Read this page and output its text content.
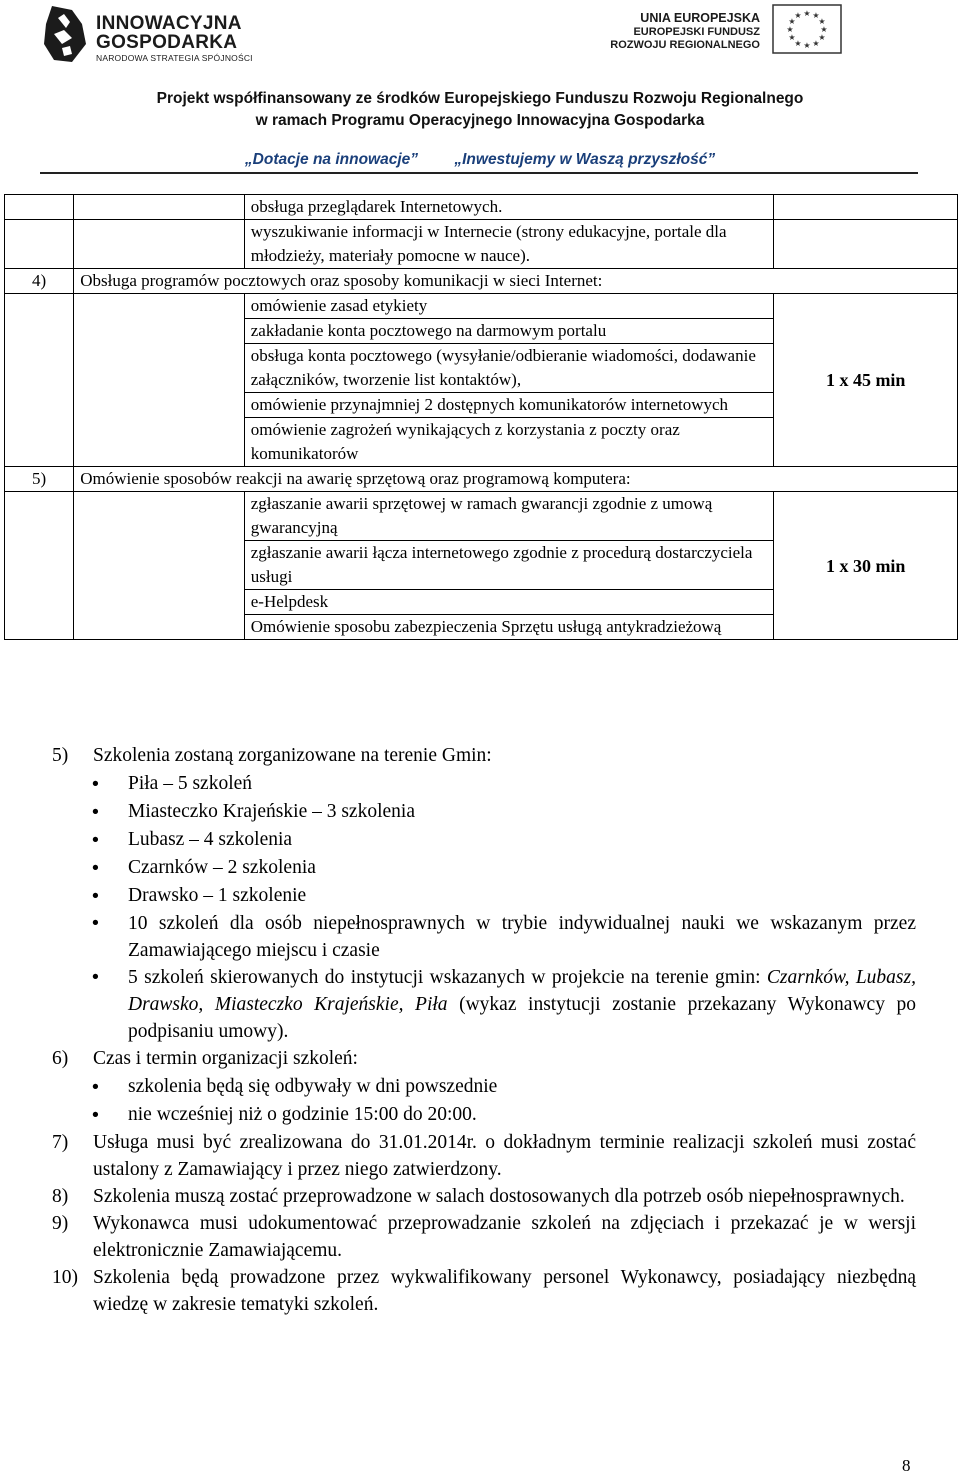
INNOWACYJNA
GOSPODARKA
NARODOWA STRATEGIA SPÓJNOŚCI
UNIA EUROPEJSKA
EUROPEJSKI FUNDUSZ
ROZWOJU REGIONALNEGO
★ ★
★
★
★
★
★
★
★
★
★
★
Projekt współfinansowany ze środków Europejskiego Funduszu Rozwoju Regionalnego
w ramach Programu Operacyjnego Innowacyjna Gospodarka
„Dotacje na innowacje” „Inwestujemy w Waszą przyszłość”
		obsługa przeglądarek Internetowych.	
		wyszukiwanie informacji w Internecie (strony edukacyjne, portale dla młodzieży, materiały pomocne w nauce).	
4)	Obsługa programów pocztowych oraz sposoby komunikacji w sieci Internet:		
		omówienie zasad etykiety	1 x 45 min
		zakładanie konta pocztowego na darmowym portalu	
		obsługa konta pocztowego (wysyłanie/odbieranie wiadomości, dodawanie załączników, tworzenie list kontaktów),	
		omówienie przynajmniej 2 dostępnych komunikatorów internetowych	
		omówienie zagrożeń wynikających z korzystania z poczty oraz komunikatorów	
5)	Omówienie sposobów reakcji na awarię sprzętową oraz programową komputera:		
		zgłaszanie awarii sprzętowej w ramach gwarancji zgodnie z umową gwarancyjną	1 x 30 min
		zgłaszanie awarii łącza internetowego zgodnie z procedurą dostarczyciela usługi	
		e-Helpdesk	
		Omówienie sposobu zabezpieczenia Sprzętu usługą antykradzieżową	
5) Szkolenia zostaną zorganizowane na terenie Gmin:
• Piła – 5 szkoleń
• Miasteczko Krajeńskie – 3 szkolenia
• Lubasz – 4 szkolenia
• Czarnków – 2 szkolenia
• Drawsko – 1 szkolenie
• 10 szkoleń dla osób niepełnosprawnych w trybie indywidualnej nauki we wskazanym przez Zamawiającego miejscu i czasie
• 5 szkoleń skierowanych do instytucji wskazanych w projekcie na terenie gmin: Czarnków, Lubasz, Drawsko, Miasteczko Krajeńskie, Piła (wykaz instytucji zostanie przekazany Wykonawcy po podpisaniu umowy).
6) Czas i termin organizacji szkoleń:
• szkolenia będą się odbywały w dni powszednie
• nie wcześniej niż o godzinie 15:00 do 20:00.
7) Usługa musi być zrealizowana do 31.01.2014r. o dokładnym terminie realizacji szkoleń musi zostać ustalony z Zamawiający i przez niego zatwierdzony.
8) Szkolenia muszą zostać przeprowadzone w salach dostosowanych dla potrzeb osób niepełnosprawnych.
9) Wykonawca musi udokumentować przeprowadzanie szkoleń na zdjęciach i przekazać je w wersji elektronicznie Zamawiającemu.
10) Szkolenia będą prowadzone przez wykwalifikowany personel Wykonawcy, posiadający niezbędną wiedzę w zakresie tematyki szkoleń.
8
